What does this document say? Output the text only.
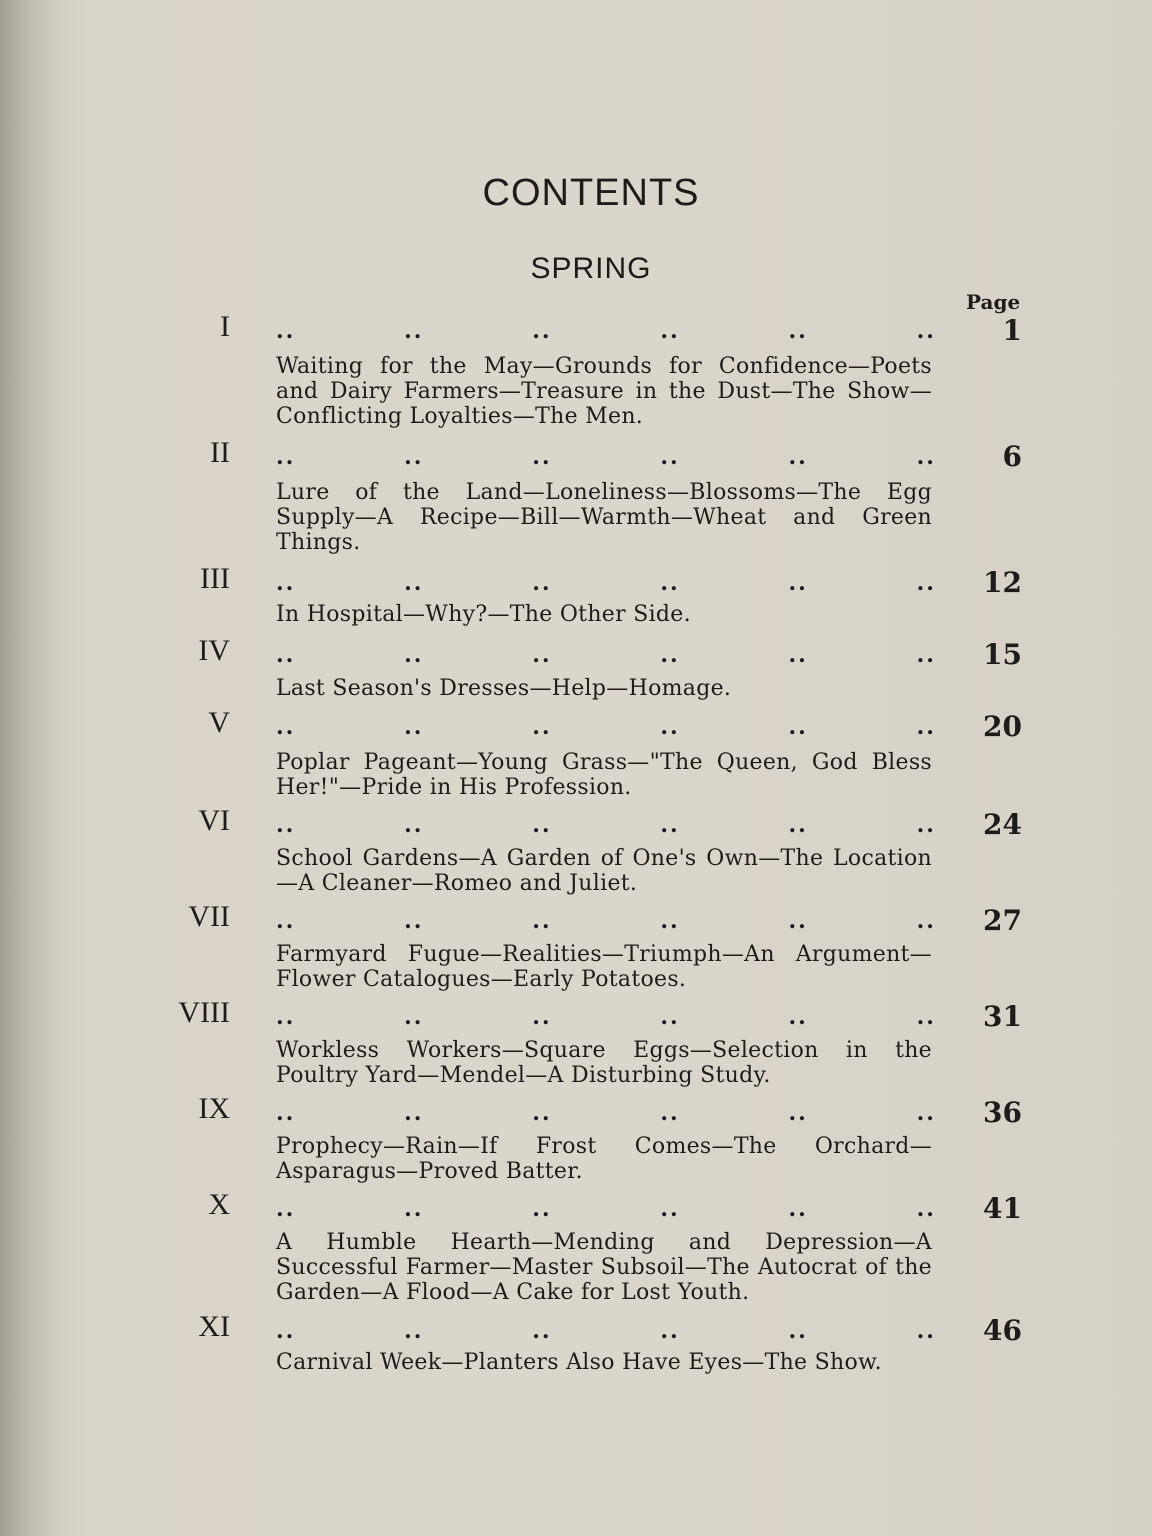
CONTENTS
SPRING
Page
I ..	..	..	..	..	.. 1
Waiting for the May—Grounds for Confidence—Poets and Dairy Farmers—Treasure in the Dust—The Show—Conflicting Loyalties—The Men.
II ..	..	..	..	..	.. 6
Lure of the Land—Loneliness—Blossoms—The Egg Supply—A Recipe—Bill—Warmth—Wheat and Green Things.
III ..	..	..	..	..	.. 12
In Hospital—Why?—The Other Side.
IV ..	..	..	..	..	.. 15
Last Season's Dresses—Help—Homage.
V ..	..	..	..	..	.. 20
Poplar Pageant—Young Grass—"The Queen, God Bless Her!"—Pride in His Profession.
VI ..	..	..	..	..	.. 24
School Gardens—A Garden of One's Own—The Location—A Cleaner—Romeo and Juliet.
VII ..	..	..	..	..	.. 27
Farmyard Fugue—Realities—Triumph—An Argument—Flower Catalogues—Early Potatoes.
VIII ..	..	..	..	..	.. 31
Workless Workers—Square Eggs—Selection in the Poultry Yard—Mendel—A Disturbing Study.
IX ..	..	..	..	..	.. 36
Prophecy—Rain—If Frost Comes—The Orchard—Asparagus—Proved Batter.
X ..	..	..	..	..	.. 41
A Humble Hearth—Mending and Depression—A Successful Farmer—Master Subsoil—The Autocrat of the Garden—A Flood—A Cake for Lost Youth.
XI ..	..	..	..	..	.. 46
Carnival Week—Planters Also Have Eyes—The Show.
